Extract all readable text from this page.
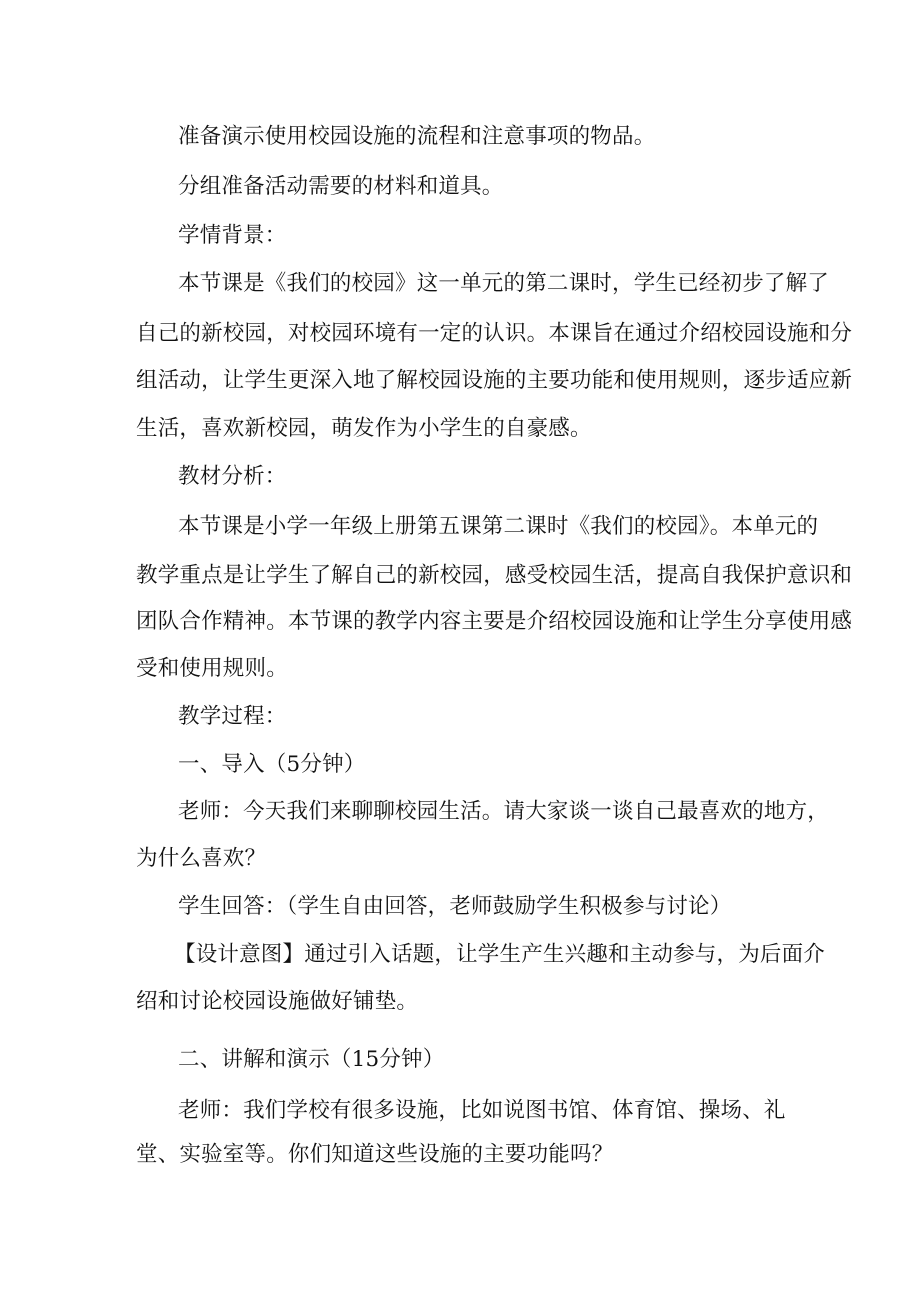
准备演示使用校园设施的流程和注意事项的物品。
分组准备活动需要的材料和道具。
学情背景：
本节课是《我们的校园》这一单元的第二课时，学生已经初步了解了
自己的新校园，对校园环境有一定的认识。本课旨在通过介绍校园设施和分
组活动，让学生更深入地了解校园设施的主要功能和使用规则，逐步适应新
生活，喜欢新校园，萌发作为小学生的自豪感。
教材分析：
本节课是小学一年级上册第五课第二课时《我们的校园》。本单元的
教学重点是让学生了解自己的新校园，感受校园生活，提高自我保护意识和
团队合作精神。本节课的教学内容主要是介绍校园设施和让学生分享使用感
受和使用规则。
教学过程：
一、导入（5分钟）
老师：今天我们来聊聊校园生活。请大家谈一谈自己最喜欢的地方，
为什么喜欢？
学生回答：（学生自由回答，老师鼓励学生积极参与讨论）
【设计意图】通过引入话题，让学生产生兴趣和主动参与，为后面介
绍和讨论校园设施做好铺垫。
二、讲解和演示（15分钟）
老师：我们学校有很多设施，比如说图书馆、体育馆、操场、礼
堂、实验室等。你们知道这些设施的主要功能吗？
